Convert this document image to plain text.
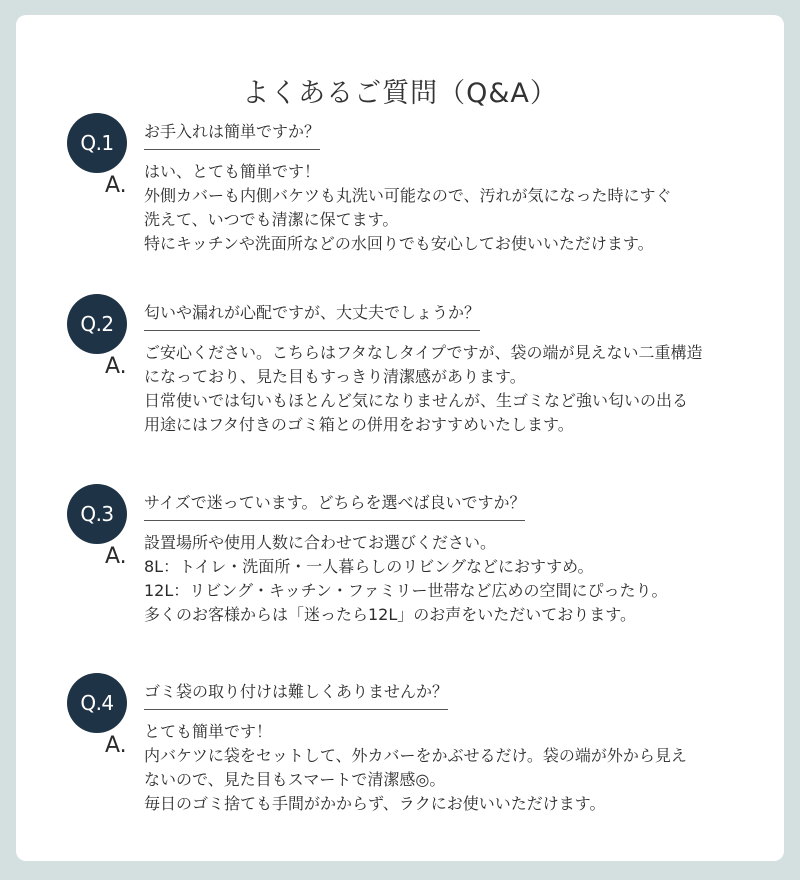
よくあるご質問（Q&A）
Q.1	お手入れは簡単ですか？
A.
はい、とても簡単です！
外側カバーも内側バケツも丸洗い可能なので、汚れが気になった時にすぐ
洗えて、いつでも清潔に保てます。
特にキッチンや洗面所などの水回りでも安心してお使いいただけます。
Q.2	匂いや漏れが心配ですが、大丈夫でしょうか？
A.
ご安心ください。こちらはフタなしタイプですが、袋の端が見えない二重構造
になっており、見た目もすっきり清潔感があります。
日常使いでは匂いもほとんど気になりませんが、生ゴミなど強い匂いの出る
用途にはフタ付きのゴミ箱との併用をおすすめいたします。
Q.3	サイズで迷っています。どちらを選べば良いですか？
A.
設置場所や使用人数に合わせてお選びください。
8L：トイレ・洗面所・一人暮らしのリビングなどにおすすめ。
12L：リビング・キッチン・ファミリー世帯など広めの空間にぴったり。
多くのお客様からは「迷ったら12L」のお声をいただいております。
Q.4	ゴミ袋の取り付けは難しくありませんか？
A.
とても簡単です！
内バケツに袋をセットして、外カバーをかぶせるだけ。袋の端が外から見え
ないので、見た目もスマートで清潔感◎。
毎日のゴミ捨ても手間がかからず、ラクにお使いいただけます。
